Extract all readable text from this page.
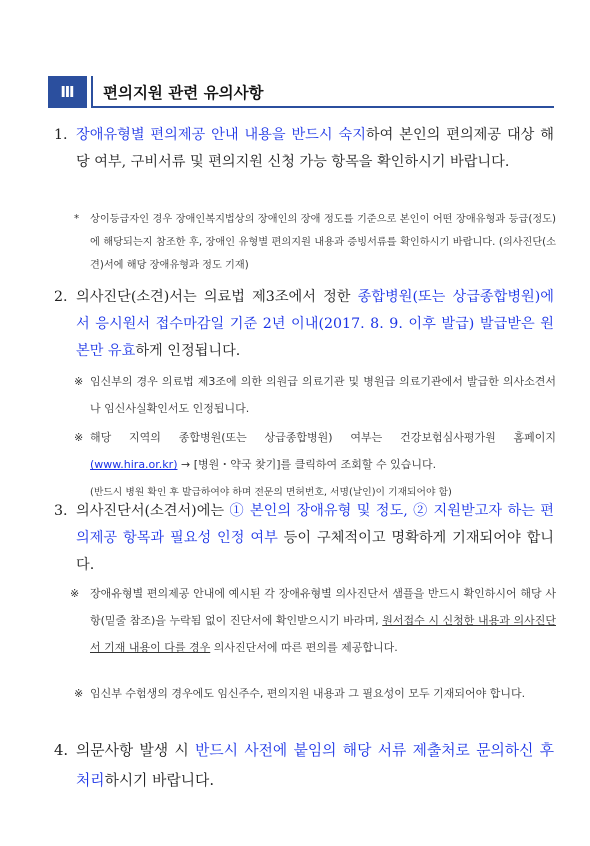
Ⅲ	편의지원 관련 유의사항
1. 장애유형별 편의제공 안내 내용을 반드시 숙지하여 본인의 편의제공 대상 해당 여부, 구비서류 및 편의지원 신청 가능 항목을 확인하시기 바랍니다.
* 상이등급자인 경우 장애인복지법상의 장애인의 장애 정도를 기준으로 본인이 어떤 장애유형과 등급(정도)에 해당되는지 참조한 후, 장애인 유형별 편의지원 내용과 증빙서류를 확인하시기 바랍니다. (의사진단(소견)서에 해당 장애유형과 정도 기재)
2. 의사진단(소견)서는 의료법 제3조에서 정한 종합병원(또는 상급종합병원)에서 응시원서 접수마감일 기준 2년 이내(2017. 8. 9. 이후 발급) 발급받은 원본만 유효하게 인정됩니다.
※ 임신부의 경우 의료법 제3조에 의한 의원급 의료기관 및 병원급 의료기관에서 발급한 의사소견서나 임신사실확인서도 인정됩니다.
※ 해당 지역의 종합병원(또는 상급종합병원) 여부는 건강보험심사평가원 홈페이지 (www.hira.or.kr) → [병원・약국 찾기]를 클릭하여 조회할 수 있습니다.
(반드시 병원 확인 후 발급하여야 하며 전문의 면허번호, 서명(날인)이 기재되어야 함)
3. 의사진단서(소견서)에는 ① 본인의 장애유형 및 정도, ② 지원받고자 하는 편의제공 항목과 필요성 인정 여부 등이 구체적이고 명확하게 기재되어야 합니다.
※ 장애유형별 편의제공 안내에 예시된 각 장애유형별 의사진단서 샘플을 반드시 확인하시어 해당 사항(밑줄 참조)을 누락됨 없이 진단서에 확인받으시기 바라며, 원서접수 시 신청한 내용과 의사진단서 기재 내용이 다를 경우 의사진단서에 따른 편의를 제공합니다.
※ 임신부 수험생의 경우에도 임신주수, 편의지원 내용과 그 필요성이 모두 기재되어야 합니다.
4. 의문사항 발생 시 반드시 사전에 붙임의 해당 서류 제출처로 문의하신 후 처리하시기 바랍니다.
